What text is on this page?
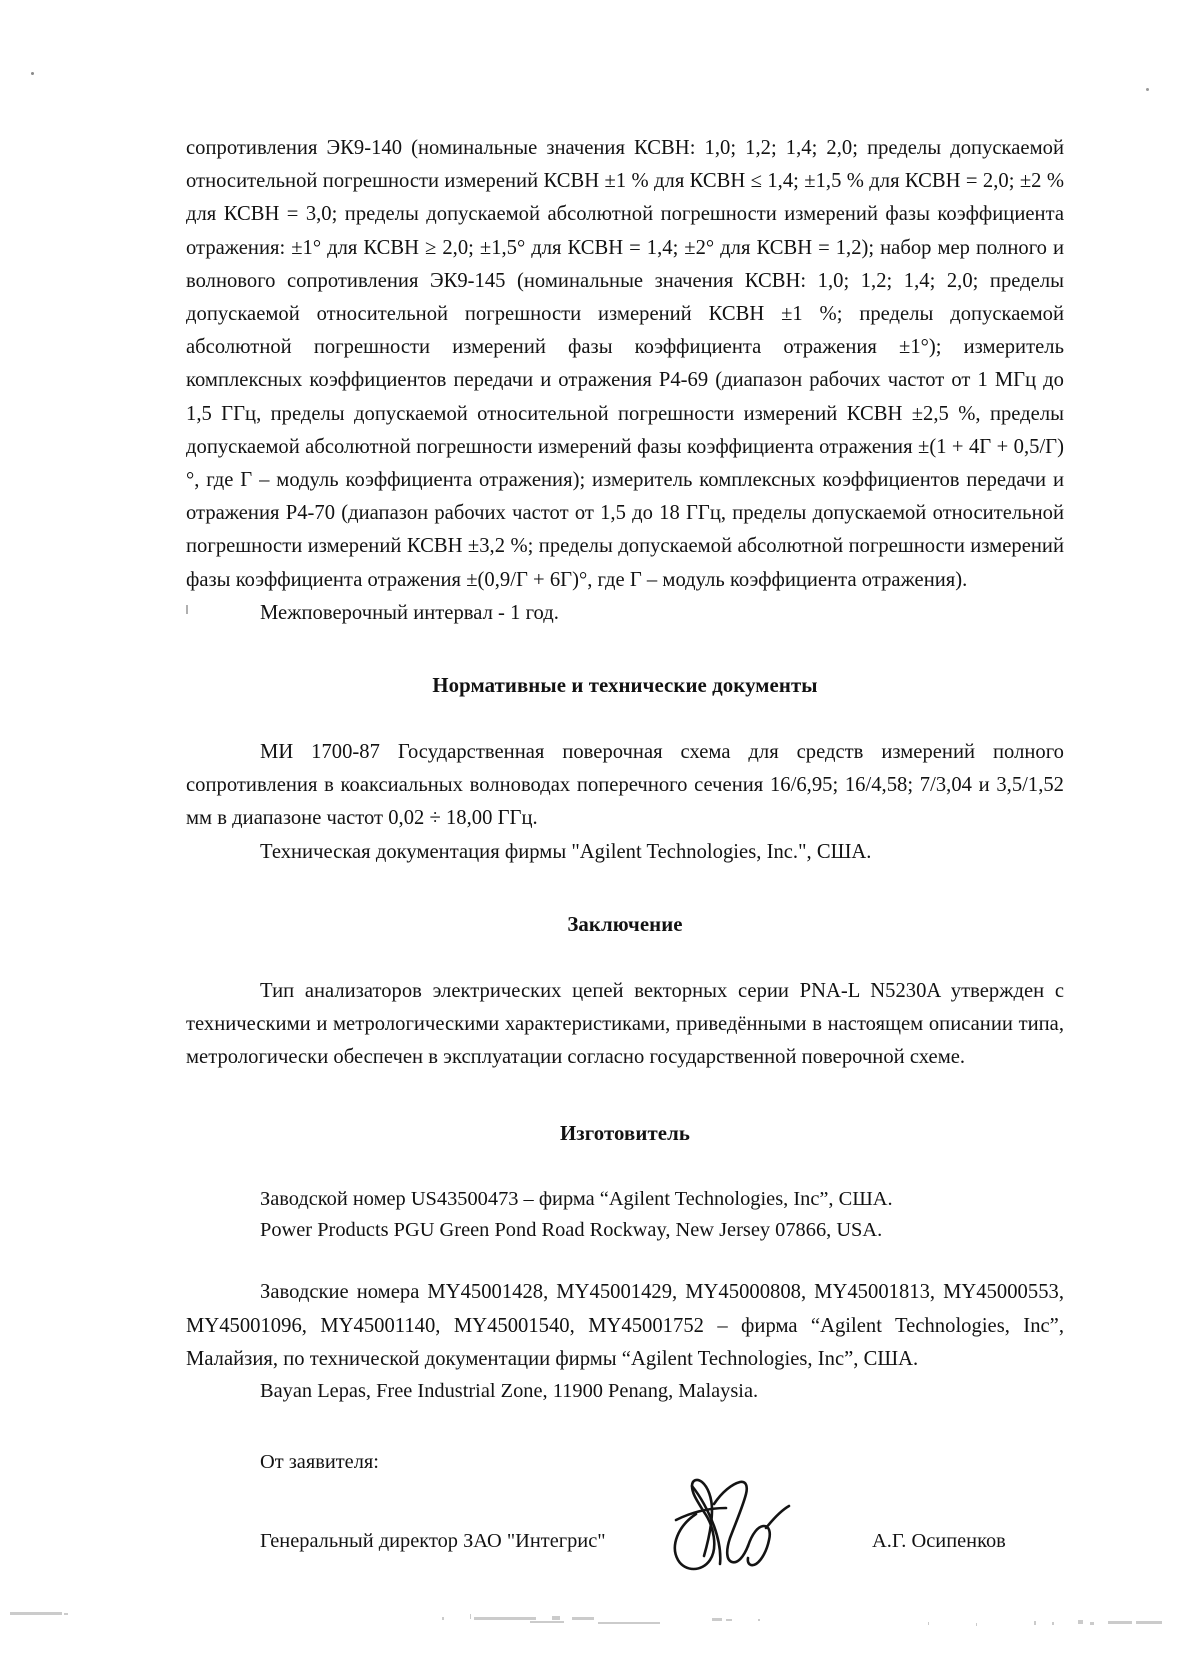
сопротивления ЭК9-140 (номинальные значения КСВН: 1,0; 1,2; 1,4; 2,0; пределы допускаемой относительной погрешности измерений КСВН ±1 % для КСВН ≤ 1,4; ±1,5 % для КСВН = 2,0; ±2 % для КСВН = 3,0; пределы допускаемой абсолютной погрешности измерений фазы коэффициента отражения: ±1° для КСВН ≥ 2,0; ±1,5° для КСВН = 1,4; ±2° для КСВН = 1,2); набор мер полного и волнового сопротивления ЭК9-145 (номинальные значения КСВН: 1,0; 1,2; 1,4; 2,0; пределы допускаемой относительной погрешности измерений КСВН ±1 %; пределы допускаемой абсолютной погрешности измерений фазы коэффициента отражения ±1°); измеритель комплексных коэффициентов передачи и отражения Р4-69 (диапазон рабочих частот от 1 МГц до 1,5 ГГц, пределы допускаемой относительной погрешности измерений КСВН ±2,5 %, пределы допускаемой абсолютной погрешности измерений фазы коэффициента отражения ±(1 + 4Г + 0,5/Г)°, где Г – модуль коэффициента отражения); измеритель комплексных коэффициентов передачи и отражения Р4-70 (диапазон рабочих частот от 1,5 до 18 ГГц, пределы допускаемой относительной погрешности измерений КСВН ±3,2 %; пределы допускаемой абсолютной погрешности измерений фазы коэффициента отражения ±(0,9/Г + 6Г)°, где Г – модуль коэффициента отражения).

Межповерочный интервал - 1 год.

Нормативные и технические документы

МИ 1700-87 Государственная поверочная схема для средств измерений полного сопротивления в коаксиальных волноводах поперечного сечения 16/6,95; 16/4,58; 7/3,04 и 3,5/1,52 мм в диапазоне частот 0,02 ÷ 18,00 ГГц.

Техническая документация фирмы "Agilent Technologies, Inc.", США.

Заключение

Тип анализаторов электрических цепей векторных серии PNA-L N5230A утвержден с техническими и метрологическими характеристиками, приведёнными в настоящем описании типа, метрологически обеспечен в эксплуатации согласно государственной поверочной схеме.

Изготовитель
Заводской номер US43500473 – фирма “Agilent Technologies, Inc”, США.
Power Products PGU Green Pond Road Rockway, New Jersey 07866, USA.

Заводские номера MY45001428, MY45001429, MY45000808, MY45001813, MY45000553, MY45001096, MY45001140, MY45001540, MY45001752 – фирма “Agilent Technologies, Inc”, Малайзия, по технической документации фирмы “Agilent Technologies, Inc”, США.

Bayan Lepas, Free Industrial Zone, 11900 Penang, Malaysia.
От заявителя:
Генеральный директор ЗАО "Интегрис"	А.Г. Осипенков
